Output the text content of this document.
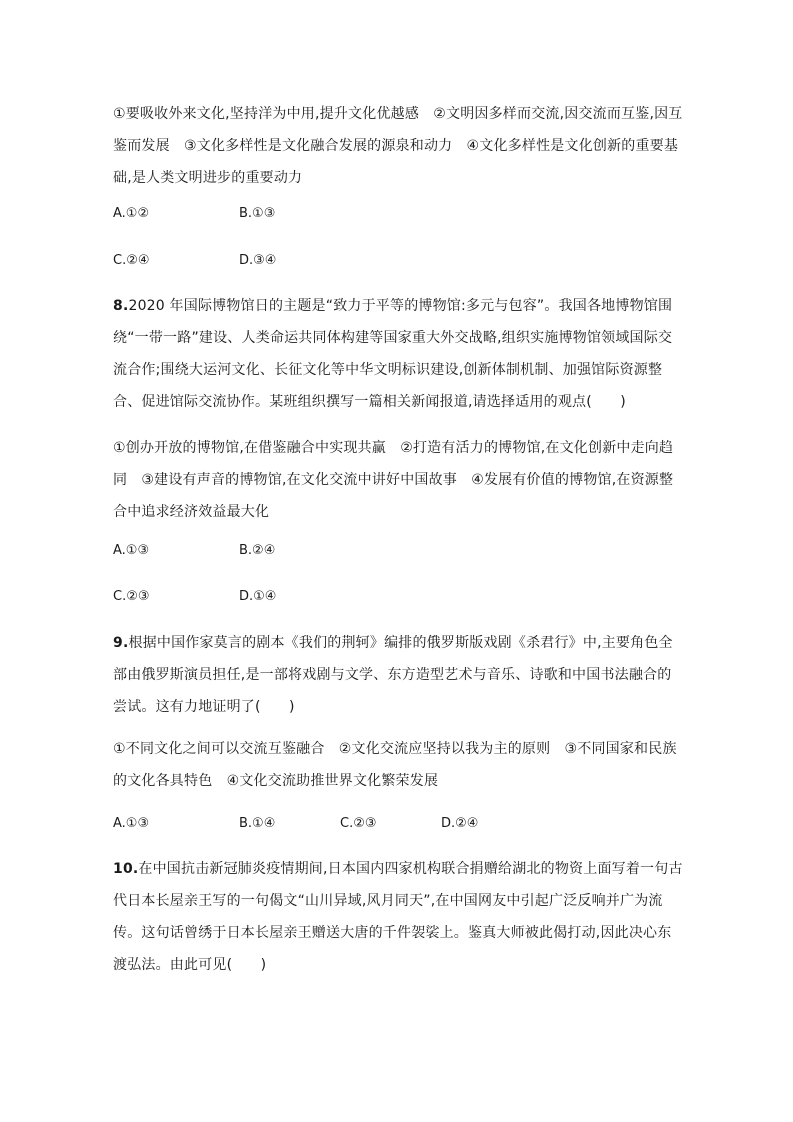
①要吸收外来文化,坚持洋为中用,提升文化优越感　②文明因多样而交流,因交流而互鉴,因互鉴而发展　③文化多样性是文化融合发展的源泉和动力　④文化多样性是文化创新的重要基础,是人类文明进步的重要动力

A.①②	B.①③
C.②④	D.③④

8.2020 年国际博物馆日的主题是“致力于平等的博物馆:多元与包容”。我国各地博物馆围绕“一带一路”建设、人类命运共同体构建等国家重大外交战略,组织实施博物馆领域国际交流合作;围绕大运河文化、长征文化等中华文明标识建设,创新体制机制、加强馆际资源整合、促进馆际交流协作。某班组织撰写一篇相关新闻报道,请选择适用的观点(　　)

①创办开放的博物馆,在借鉴融合中实现共赢　②打造有活力的博物馆,在文化创新中走向趋同　③建设有声音的博物馆,在文化交流中讲好中国故事　④发展有价值的博物馆,在资源整合中追求经济效益最大化

A.①③	B.②④
C.②③	D.①④

9.根据中国作家莫言的剧本《我们的荆轲》编排的俄罗斯版戏剧《杀君行》中,主要角色全部由俄罗斯演员担任,是一部将戏剧与文学、东方造型艺术与音乐、诗歌和中国书法融合的尝试。这有力地证明了(　　)

①不同文化之间可以交流互鉴融合　②文化交流应坚持以我为主的原则　③不同国家和民族的文化各具特色　④文化交流助推世界文化繁荣发展

A.①③	B.①④	C.②③	D.②④

10.在中国抗击新冠肺炎疫情期间,日本国内四家机构联合捐赠给湖北的物资上面写着一句古代日本长屋亲王写的一句偈文“山川异域,风月同天”,在中国网友中引起广泛反响并广为流传。这句话曾绣于日本长屋亲王赠送大唐的千件袈裟上。鉴真大师被此偈打动,因此决心东渡弘法。由此可见(　　)
